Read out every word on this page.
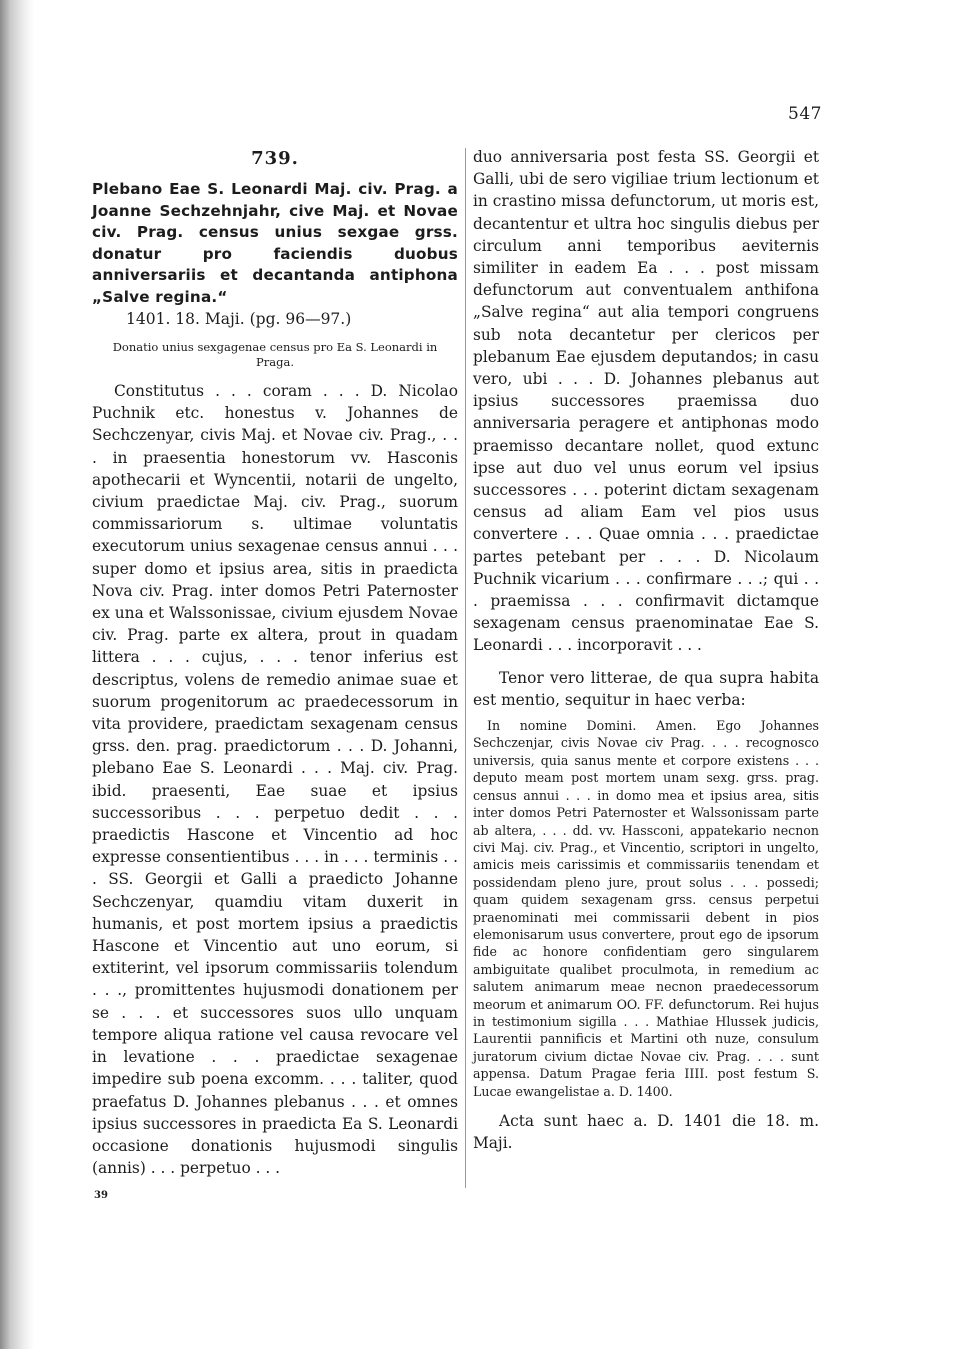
547
739.

Plebano Eae S. Leonardi Maj. civ. Prag. a Joanne Sechzehnjahr, cive Maj. et Novae civ. Prag. census unius sexgae grss. donatur pro faciendis duobus anniversariis et decantanda antiphona „Salve regina.“

1401. 18. Maji. (pg. 96—97.)
Donatio unius sexgagenae census pro Ea S. Leonardi in Praga.

Constitutus . . . coram . . . D. Nicolao Puchnik etc. honestus v. Johannes de Sechczenyar, civis Maj. et Novae civ. Prag., . . . in praesentia honestorum vv. Hasconis apothecarii et Wyncentii, notarii de ungelto, civium praedictae Maj. civ. Prag., suorum commissariorum s. ultimae voluntatis executorum unius sexagenae census annui . . . super domo et ipsius area, sitis in praedicta Nova civ. Prag. inter domos Petri Paternoster ex una et Walssonissae, civium ejusdem Novae civ. Prag. parte ex altera, prout in quadam littera . . . cujus, . . . tenor inferius est descriptus, volens de remedio animae suae et suorum progenitorum ac praedecessorum in vita providere, praedictam sexagenam census grss. den. prag. praedictorum . . . D. Johanni, plebano Eae S. Leonardi . . . Maj. civ. Prag. ibid. praesenti, Eae suae et ipsius successoribus . . . perpetuo dedit . . . praedictis Hascone et Vincentio ad hoc expresse consentientibus . . . in . . . terminis . . . SS. Georgii et Galli a praedicto Johanne Sechczenyar, quamdiu vitam duxerit in humanis, et post mortem ipsius a praedictis Hascone et Vincentio aut uno eorum, si extiterint, vel ipsorum commissariis tolendum . . ., promittentes hujusmodi donationem per se . . . et successores suos ullo unquam tempore aliqua ratione vel causa revocare vel in levatione . . . praedictae sexagenae impedire sub poena excomm. . . . taliter, quod praefatus D. Johannes plebanus . . . et omnes ipsius successores in praedicta Ea S. Leonardi occasione donationis hujusmodi singulis (annis) . . . perpetuo . . .

duo anniversaria post festa SS. Georgii et Galli, ubi de sero vigiliae trium lectionum et in crastino missa defunctorum, ut moris est, decantentur et ultra hoc singulis diebus per circulum anni temporibus aeviternis similiter in eadem Ea . . . post missam defunctorum aut conventualem anthifona „Salve regina“ aut alia tempori congruens sub nota decantetur per clericos per plebanum Eae ejusdem deputandos; in casu vero, ubi . . . D. Johannes plebanus aut ipsius successores praemissa duo anniversaria peragere et antiphonas modo praemisso decantare nollet, quod extunc ipse aut duo vel unus eorum vel ipsius successores . . . poterint dictam sexagenam census ad aliam Eam vel pios usus convertere . . . Quae omnia . . . praedictae partes petebant per . . . D. Nicolaum Puchnik vicarium . . . confirmare . . .; qui . . . praemissa . . . confirmavit dictamque sexagenam census praenominatae Eae S. Leonardi . . . incorporavit . . .

Tenor vero litterae, de qua supra habita est mentio, sequitur in haec verba:

In nomine Domini. Amen. Ego Johannes Sechczenjar, civis Novae civ Prag. . . . recognosco universis, quia sanus mente et corpore existens . . . deputo meam post mortem unam sexg. grss. prag. census annui . . . in domo mea et ipsius area, sitis inter domos Petri Paternoster et Walssonissam parte ab altera, . . . dd. vv. Hassconi, appatekario necnon civi Maj. civ. Prag., et Vincentio, scriptori in ungelto, amicis meis carissimis et commissariis tenendam et possidendam pleno jure, prout solus . . . possedi; quam quidem sexagenam grss. census perpetui praenominati mei commissarii debent in pios elemonisarum usus convertere, prout ego de ipsorum fide ac honore confidentiam gero singularem ambiguitate qualibet proculmota, in remedium ac salutem animarum meae necnon praedecessorum meorum et animarum OO. FF. defunctorum. Rei hujus in testimonium sigilla . . . Mathiae Hlussek judicis, Laurentii pannificis et Martini oth nuze, consulum juratorum civium dictae Novae civ. Prag. . . . sunt appensa. Datum Pragae feria IIII. post festum S. Lucae ewangelistae a. D. 1400.

Acta sunt haec a. D. 1401 die 18. m. Maji.

39
